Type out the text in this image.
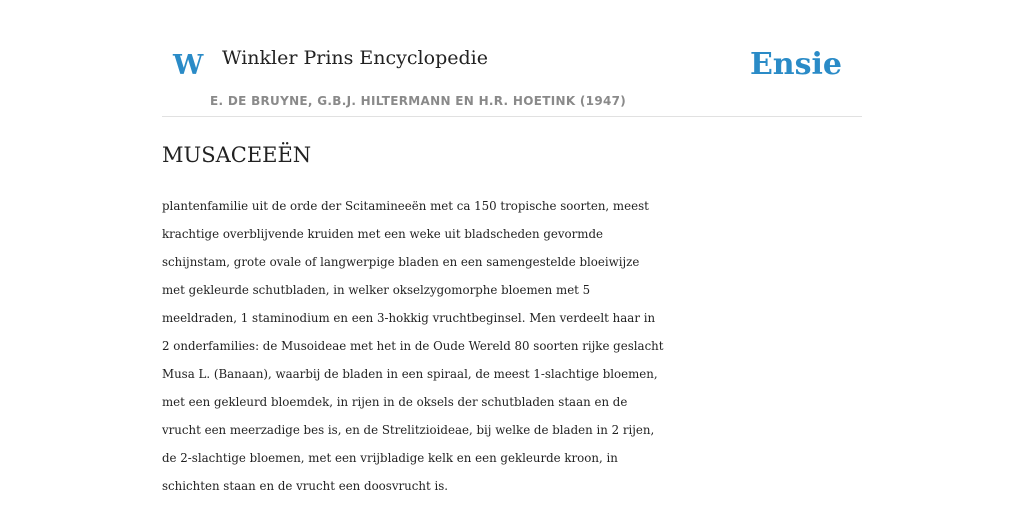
W Winkler Prins Encyclopedie
E. DE BRUYNE, G.B.J. HILTERMANN EN H.R. HOETINK (1947)
Ensie
MUSACEEËN
plantenfamilie uit de orde der Scitamineeën met ca 150 tropische soorten, meest
krachtige overblijvende kruiden met een weke uit bladscheden gevormde
schijnstam, grote ovale of langwerpige bladen en een samengestelde bloeiwijze
met gekleurde schutbladen, in welker okselzygomorphe bloemen met 5
meeldraden, 1 staminodium en een 3-hokkig vruchtbeginsel. Men verdeelt haar in
2 onderfamilies: de Musoideae met het in de Oude Wereld 80 soorten rijke geslacht
Musa L. (Banaan), waarbij de bladen in een spiraal, de meest 1-slachtige bloemen,
met een gekleurd bloemdek, in rijen in de oksels der schutbladen staan en de
vrucht een meerzadige bes is, en de Strelitzioideae, bij welke de bladen in 2 rijen,
de 2-slachtige bloemen, met een vrijbladige kelk en een gekleurde kroon, in
schichten staan en de vrucht een doosvrucht is.
